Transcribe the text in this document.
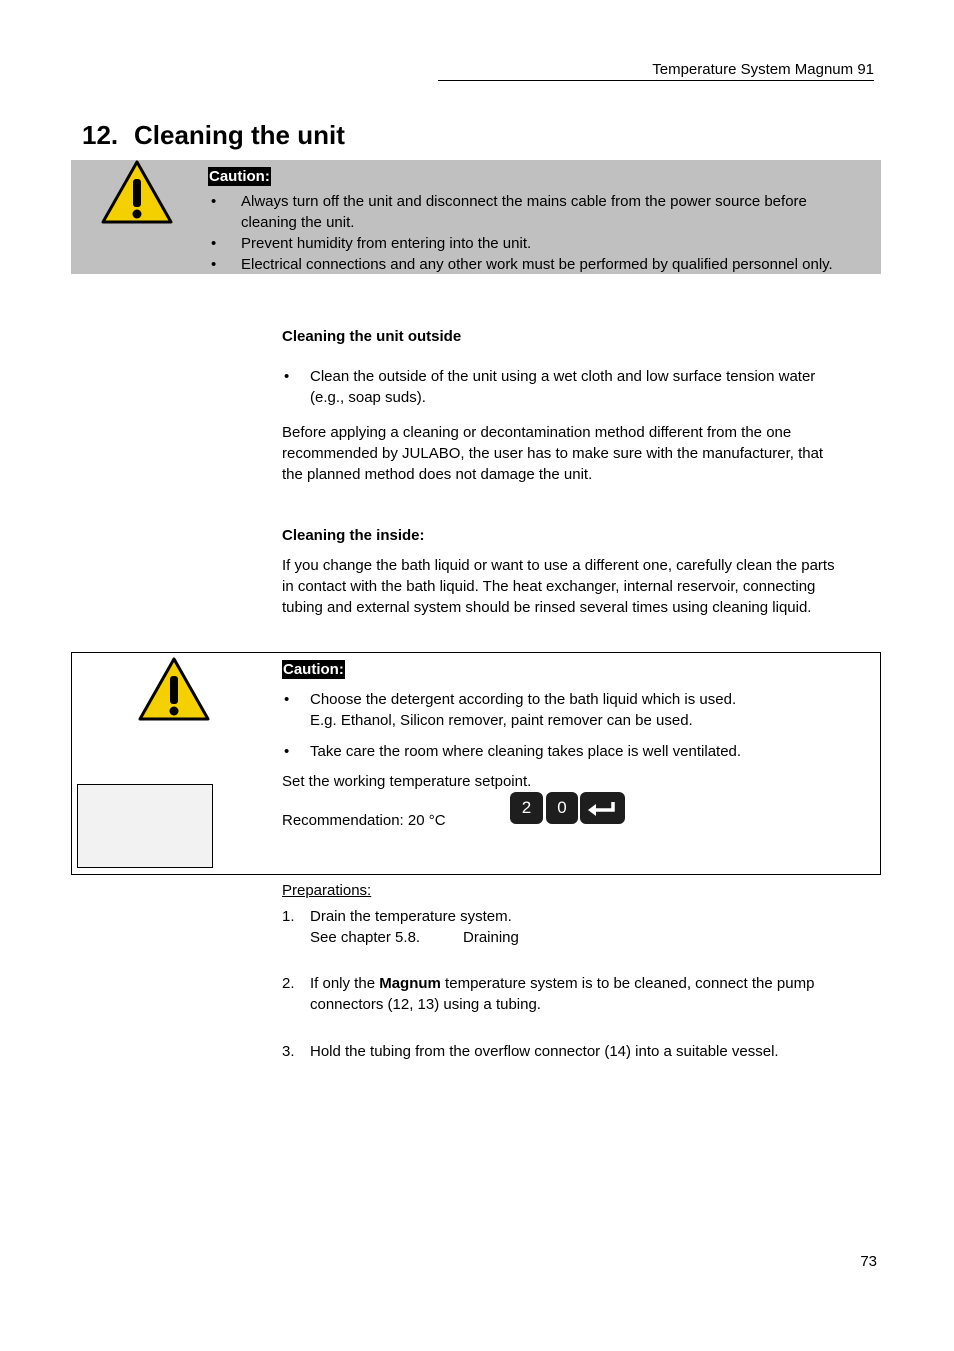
Temperature System Magnum 91
12. Cleaning the unit
Caution:
• Always turn off the unit and disconnect the mains cable from the power source before
cleaning the unit.
• Prevent humidity from entering into the unit.
• Electrical connections and any other work must be performed by qualified personnel only.
Cleaning the unit outside
• Clean the outside of the unit using a wet cloth and low surface tension water
(e.g., soap suds).
Before applying a cleaning or decontamination method different from the one
recommended by JULABO, the user has to make sure with the manufacturer, that
the planned method does not damage the unit.
Cleaning the inside:
If you change the bath liquid or want to use a different one, carefully clean the parts
in contact with the bath liquid. The heat exchanger, internal reservoir, connecting
tubing and external system should be rinsed several times using cleaning liquid.
Caution:
• Choose the detergent according to the bath liquid which is used.
E.g. Ethanol, Silicon remover, paint remover can be used.
• Take care the room where cleaning takes place is well ventilated.
Set the working temperature setpoint.
Recommendation: 20 °C
2	0
Preparations:
1. Drain the temperature system.
See chapter 5.8.	Draining
2. If only the Magnum temperature system is to be cleaned, connect the pump
connectors (12, 13) using a tubing.
3. Hold the tubing from the overflow connector (14) into a suitable vessel.
73
